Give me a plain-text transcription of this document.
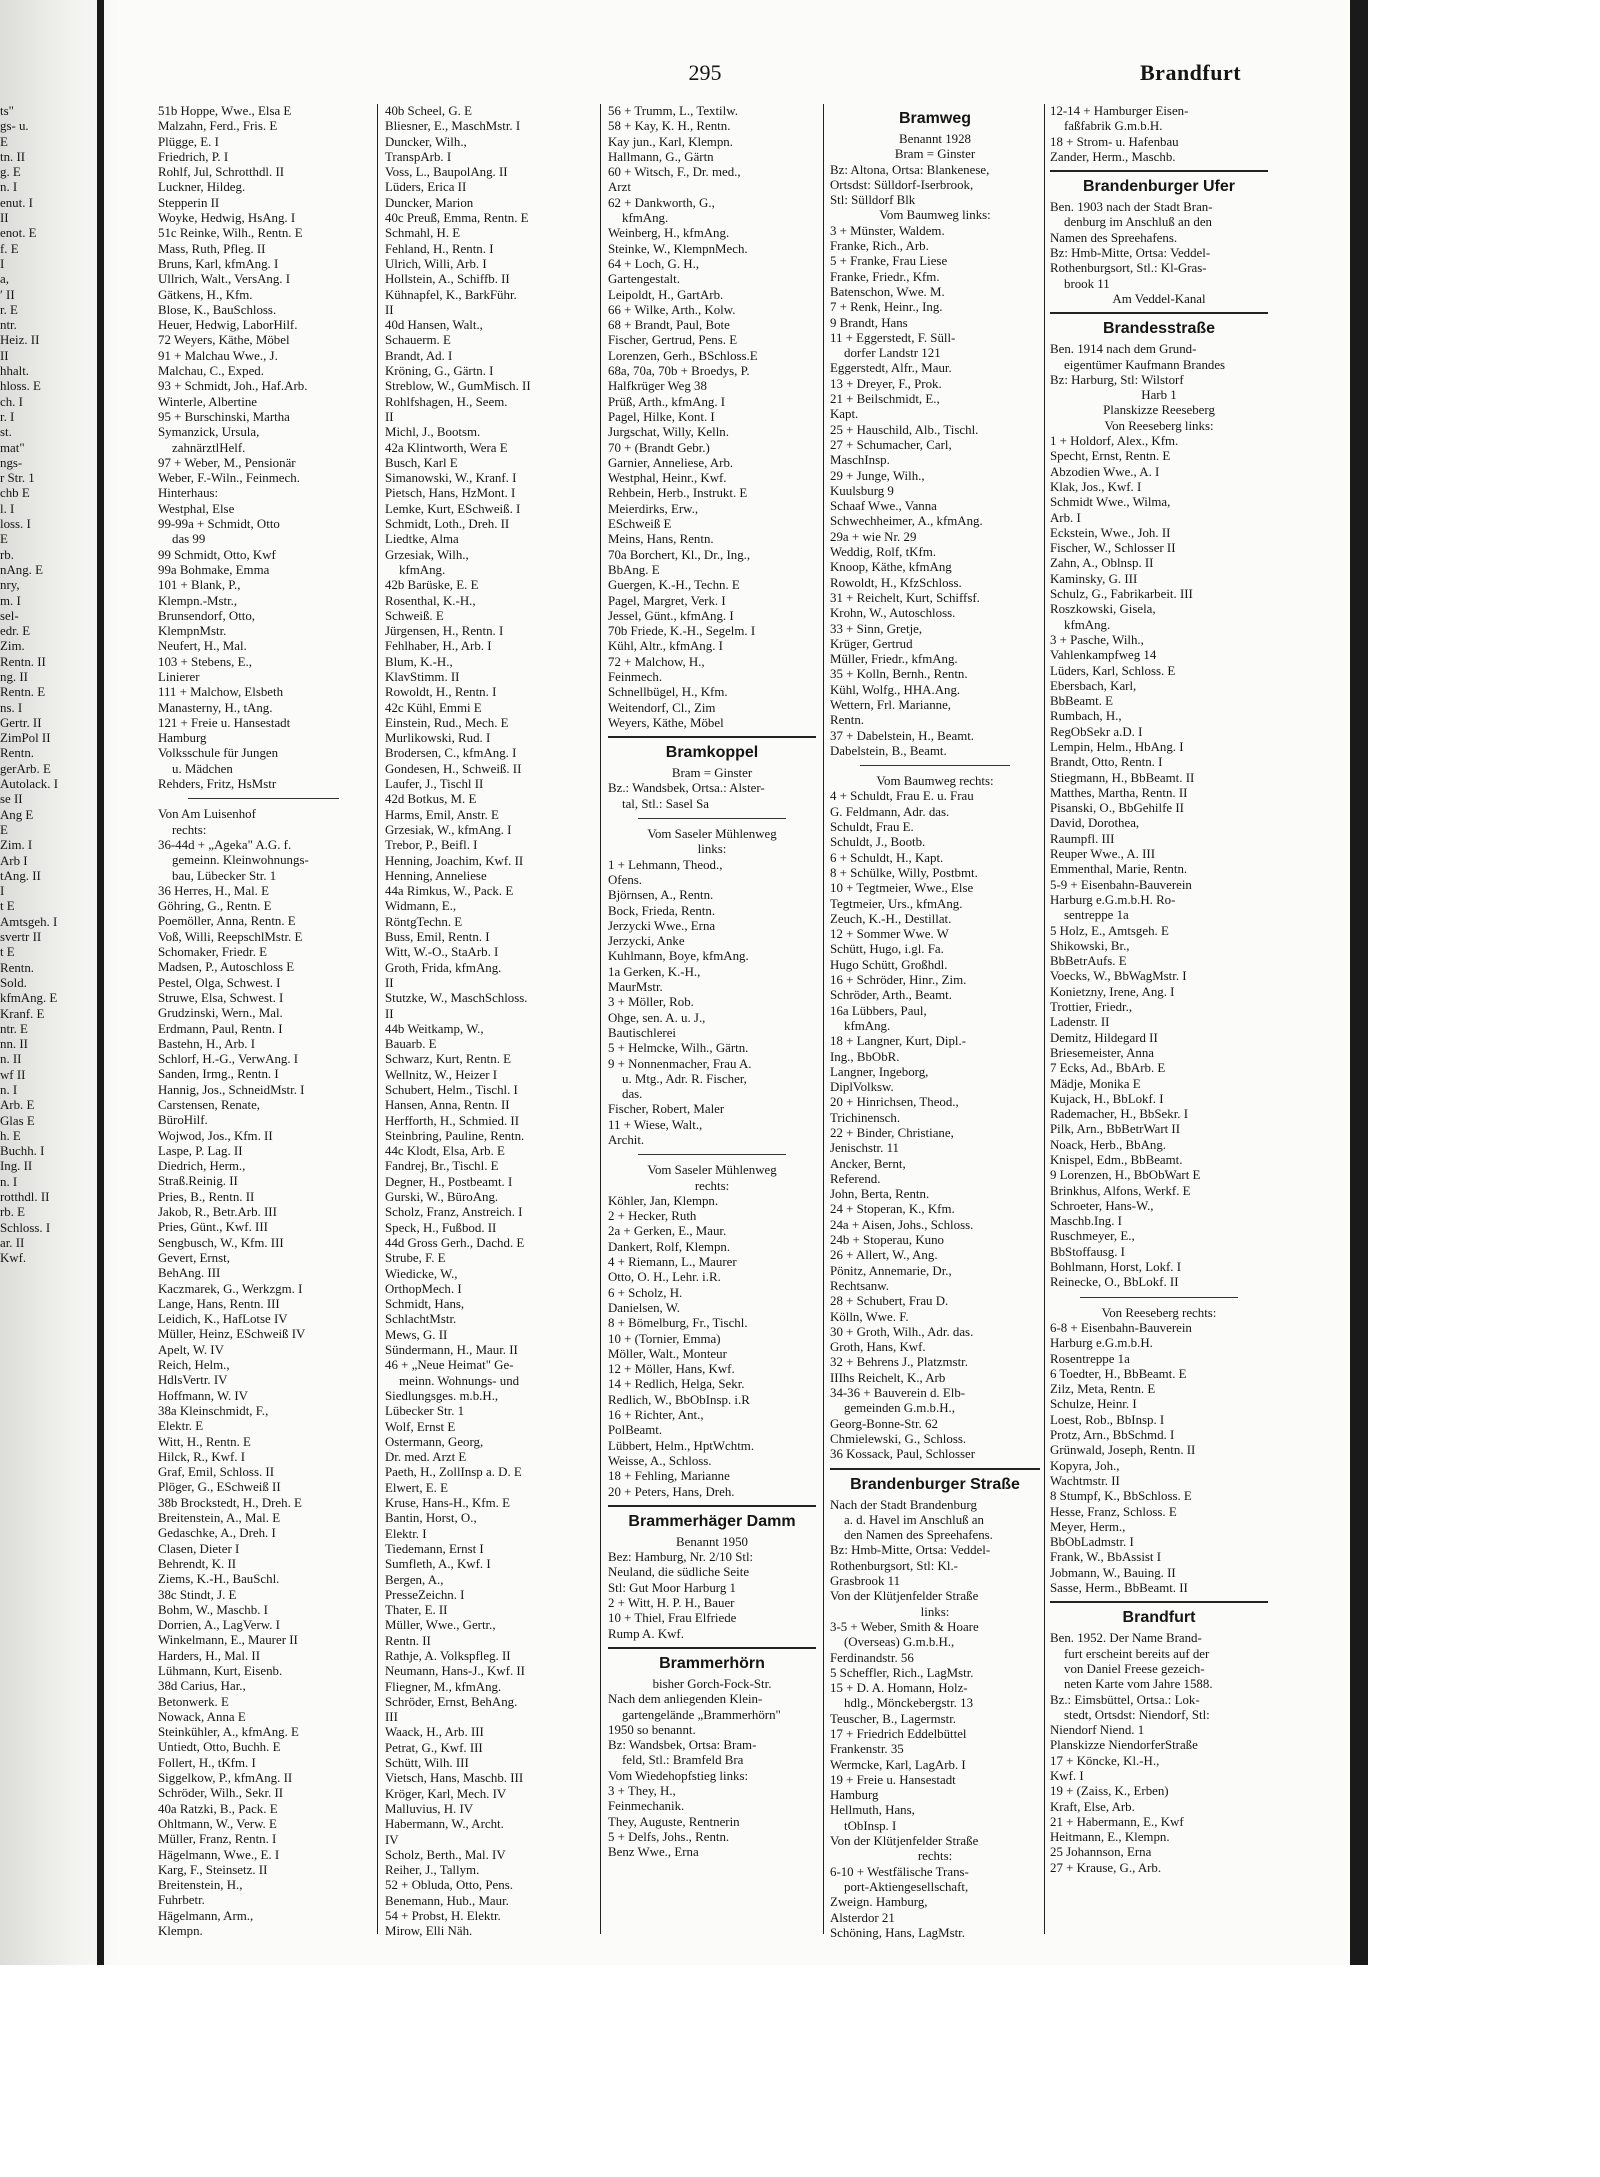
295	Brandfurt
ts"
gs- u.
E
tn. II
g. E
n. I
enut. I
II
enot. E
f. E
I
a,
ʹ II
r. E
ntr.
Heiz. II
II
hhalt.
hloss. E
ch. I
r. I
st.
mat"
ngs-
r Str. 1
chb E
l. I
loss. I
E
rb.
nAng. E
nry,
m. I
sel-
edr. E
Zim.
Rentn. II
ng. II
Rentn. E
ns. I
Gertr. II
ZimPol II
Rentn.
gerArb. E
Autolack. I
se II
Ang E
E
Zim. I
Arb I
tAng. II
I
t E
Amtsgeh. I
svertr II
t E
Rentn.
Sold.
kfmAng. E
Kranf. E
ntr. E
nn. II
n. II
wf II
n. I
Arb. E
Glas E
h. E
Buchh. I
Ing. II
n. I
rotthdl. II
rb. E
Schloss. I
ar. II
Kwf.
51b Hoppe, Wwe., Elsa E
Malzahn, Ferd., Fris. E
Plügge, E. I
Friedrich, P. I
Rohlf, Jul, Schrotthdl. II
Luckner, Hildeg.
Stepperin II
Woyke, Hedwig, HsAng. I
51c Reinke, Wilh., Rentn. E
Mass, Ruth, Pfleg. II
Bruns, Karl, kfmAng. I
Ullrich, Walt., VersAng. I
Gätkens, H., Kfm.
Blose, K., BauSchloss.
Heuer, Hedwig, LaborHilf.
72 Weyers, Käthe, Möbel
91 + Malchau Wwe., J.
Malchau, C., Exped.
93 + Schmidt, Joh., Haf.Arb.
Winterle, Albertine
95 + Burschinski, Martha
Symanzick, Ursula,
zahnärztlHelf.
97 + Weber, M., Pensionär
Weber, F.-Wiln., Feinmech.
Hinterhaus:
Westphal, Else
99-99a + Schmidt, Otto
das 99
99 Schmidt, Otto, Kwf
99a Bohmake, Emma
101 + Blank, P.,
Klempn.-Mstr.,
Brunsendorf, Otto,
KlempnMstr.
Neufert, H., Mal.
103 + Stebens, E.,
Linierer
111 + Malchow, Elsbeth
Manasterny, H., tAng.
121 + Freie u. Hansestadt
Hamburg
Volksschule für Jungen
u. Mädchen
Rehders, Fritz, HsMstr
Von Am Luisenhof
rechts:
36-44d + „Ageka" A.G. f.
gemeinn. Kleinwohnungs-
bau, Lübecker Str. 1
36 Herres, H., Mal. E
Göhring, G., Rentn. E
Poemöller, Anna, Rentn. E
Voß, Willi, ReepschlMstr. E
Schomaker, Friedr. E
Madsen, P., Autoschloss E
Pestel, Olga, Schwest. I
Struwe, Elsa, Schwest. I
Grudzinski, Wern., Mal.
Erdmann, Paul, Rentn. I
Bastehn, H., Arb. I
Schlorf, H.-G., VerwAng. I
Sanden, Irmg., Rentn. I
Hannig, Jos., SchneidMstr. I
Carstensen, Renate,
BüroHilf.
Wojwod, Jos., Kfm. II
Laspe, P. Lag. II
Diedrich, Herm.,
Straß.Reinig. II
Pries, B., Rentn. II
Jakob, R., Betr.Arb. III
Pries, Günt., Kwf. III
Sengbusch, W., Kfm. III
Gevert, Ernst,
BehAng. III
Kaczmarek, G., Werkzgm. I
Lange, Hans, Rentn. III
Leidich, K., HafLotse IV
Müller, Heinz, ESchweiß IV
Apelt, W. IV
Reich, Helm.,
HdlsVertr. IV
Hoffmann, W. IV
38a Kleinschmidt, F.,
Elektr. E
Witt, H., Rentn. E
Hilck, R., Kwf. I
Graf, Emil, Schloss. II
Plöger, G., ESchweiß II
38b Brockstedt, H., Dreh. E
Breitenstein, A., Mal. E
Gedaschke, A., Dreh. I
Clasen, Dieter I
Behrendt, K. II
Ziems, K.-H., BauSchl.
38c Stindt, J. E
Bohm, W., Maschb. I
Dorrien, A., LagVerw. I
Winkelmann, E., Maurer II
Harders, H., Mal. II
Lühmann, Kurt, Eisenb.
38d Carius, Har.,
Betonwerk. E
Nowack, Anna E
Steinkühler, A., kfmAng. E
Untiedt, Otto, Buchh. E
Follert, H., tKfm. I
Siggelkow, P., kfmAng. II
Schröder, Wilh., Sekr. II
40a Ratzki, B., Pack. E
Ohltmann, W., Verw. E
Müller, Franz, Rentn. I
Hägelmann, Wwe., E. I
Karg, F., Steinsetz. II
Breitenstein, H.,
Fuhrbetr.
Hägelmann, Arm.,
Klempn.
40b Scheel, G. E
Bliesner, E., MaschMstr. I
Duncker, Wilh.,
TranspArb. I
Voss, L., BaupolAng. II
Lüders, Erica II
Duncker, Marion
40c Preuß, Emma, Rentn. E
Schmahl, H. E
Fehland, H., Rentn. I
Ulrich, Willi, Arb. I
Hollstein, A., Schiffb. II
Kühnapfel, K., BarkFühr.
II
40d Hansen, Walt.,
Schauerm. E
Brandt, Ad. I
Kröning, G., Gärtn. I
Streblow, W., GumMisch. II
Rohlfshagen, H., Seem.
II
Michl, J., Bootsm.
42a Klintworth, Wera E
Busch, Karl E
Simanowski, W., Kranf. I
Pietsch, Hans, HzMont. I
Lemke, Kurt, ESchweiß. I
Schmidt, Loth., Dreh. II
Liedtke, Alma
Grzesiak, Wilh.,
kfmAng.
42b Barüske, E. E
Rosenthal, K.-H.,
Schweiß. E
Jürgensen, H., Rentn. I
Fehlhaber, H., Arb. I
Blum, K.-H.,
KlavStimm. II
Rowoldt, H., Rentn. I
42c Kühl, Emmi E
Einstein, Rud., Mech. E
Murlikowski, Rud. I
Brodersen, C., kfmAng. I
Gondesen, H., Schweiß. II
Laufer, J., Tischl II
42d Botkus, M. E
Harms, Emil, Anstr. E
Grzesiak, W., kfmAng. I
Trebor, P., Beifl. I
Henning, Joachim, Kwf. II
Henning, Anneliese
44a Rimkus, W., Pack. E
Widmann, E.,
RöntgTechn. E
Buss, Emil, Rentn. I
Witt, W.-O., StaArb. I
Groth, Frida, kfmAng.
II
Stutzke, W., MaschSchloss.
II
44b Weitkamp, W.,
Bauarb. E
Schwarz, Kurt, Rentn. E
Wellnitz, W., Heizer I
Schubert, Helm., Tischl. I
Hansen, Anna, Rentn. II
Herfforth, H., Schmied. II
Steinbring, Pauline, Rentn.
44c Klodt, Elsa, Arb. E
Fandrej, Br., Tischl. E
Degner, H., Postbeamt. I
Gurski, W., BüroAng.
Scholz, Franz, Anstreich. I
Speck, H., Fußbod. II
44d Gross Gerh., Dachd. E
Strube, F. E
Wiedicke, W.,
OrthopMech. I
Schmidt, Hans,
SchlachtMstr.
Mews, G. II
Sündermann, H., Maur. II
46 + „Neue Heimat" Ge-
meinn. Wohnungs- und
Siedlungsges. m.b.H.,
Lübecker Str. 1
Wolf, Ernst E
Ostermann, Georg,
Dr. med. Arzt E
Paeth, H., ZollInsp a. D. E
Elwert, E. E
Kruse, Hans-H., Kfm. E
Bantin, Horst, O.,
Elektr. I
Tiedemann, Ernst I
Sumfleth, A., Kwf. I
Bergen, A.,
PresseZeichn. I
Thater, E. II
Müller, Wwe., Gertr.,
Rentn. II
Rathje, A. Volkspfleg. II
Neumann, Hans-J., Kwf. II
Fliegner, M., kfmAng.
Schröder, Ernst, BehAng.
III
Waack, H., Arb. III
Petrat, G., Kwf. III
Schütt, Wilh. III
Vietsch, Hans, Maschb. III
Kröger, Karl, Mech. IV
Malluvius, H. IV
Habermann, W., Archt.
IV
Scholz, Berth., Mal. IV
Reiher, J., Tallym.
52 + Obluda, Otto, Pens.
Benemann, Hub., Maur.
54 + Probst, H. Elektr.
Mirow, Elli Näh.
56 + Trumm, L., Textilw.
58 + Kay, K. H., Rentn.
Kay jun., Karl, Klempn.
Hallmann, G., Gärtn
60 + Witsch, F., Dr. med.,
Arzt
62 + Dankworth, G.,
kfmAng.
Weinberg, H., kfmAng.
Steinke, W., KlempnMech.
64 + Loch, G. H.,
Gartengestalt.
Leipoldt, H., GartArb.
66 + Wilke, Arth., Kolw.
68 + Brandt, Paul, Bote
Fischer, Gertrud, Pens. E
Lorenzen, Gerh., BSchloss.E
68a, 70a, 70b + Broedys, P.
Halfkrüger Weg 38
Prüß, Arth., kfmAng. I
Pagel, Hilke, Kont. I
Jurgschat, Willy, Kelln.
70 + (Brandt Gebr.)
Garnier, Anneliese, Arb.
Westphal, Heinr., Kwf.
Rehbein, Herb., Instrukt. E
Meierdirks, Erw.,
ESchweiß E
Meins, Hans, Rentn.
70a Borchert, Kl., Dr., Ing.,
BbAng. E
Guergen, K.-H., Techn. E
Pagel, Margret, Verk. I
Jessel, Günt., kfmAng. I
70b Friede, K.-H., Segelm. I
Kühl, Altr., kfmAng. I
72 + Malchow, H.,
Feinmech.
Schnellbügel, H., Kfm.
Weitendorf, Cl., Zim
Weyers, Käthe, Möbel
Bramkoppel
Bram = Ginster
Bz.: Wandsbek, Ortsa.: Alster-
tal, Stl.: Sasel Sa
Vom Saseler Mühlenweg
links:
1 + Lehmann, Theod.,
Ofens.
Björnsen, A., Rentn.
Bock, Frieda, Rentn.
Jerzycki Wwe., Erna
Jerzycki, Anke
Kuhlmann, Boye, kfmAng.
1a Gerken, K.-H.,
MaurMstr.
3 + Möller, Rob.
Ohge, sen. A. u. J.,
Bautischlerei
5 + Helmcke, Wilh., Gärtn.
9 + Nonnenmacher, Frau A.
u. Mtg., Adr. R. Fischer,
das.
Fischer, Robert, Maler
11 + Wiese, Walt.,
Archit.
Vom Saseler Mühlenweg
rechts:
Köhler, Jan, Klempn.
2 + Hecker, Ruth
2a + Gerken, E., Maur.
Dankert, Rolf, Klempn.
4 + Riemann, L., Maurer
Otto, O. H., Lehr. i.R.
6 + Scholz, H.
Danielsen, W.
8 + Bömelburg, Fr., Tischl.
10 + (Tornier, Emma)
Möller, Walt., Monteur
12 + Möller, Hans, Kwf.
14 + Redlich, Helga, Sekr.
Redlich, W., BbObInsp. i.R
16 + Richter, Ant.,
PolBeamt.
Lübbert, Helm., HptWchtm.
Weisse, A., Schloss.
18 + Fehling, Marianne
20 + Peters, Hans, Dreh.
Brammerhäger Damm
Benannt 1950
Bez: Hamburg, Nr. 2/10 Stl:
Neuland, die südliche Seite
Stl: Gut Moor Harburg 1
2 + Witt, H. P. H., Bauer
10 + Thiel, Frau Elfriede
Rump A. Kwf.
Brammerhörn
bisher Gorch-Fock-Str.
Nach dem anliegenden Klein-
gartengelände „Brammerhörn"
1950 so benannt.
Bz: Wandsbek, Ortsa: Bram-
feld, Stl.: Bramfeld Bra
Vom Wiedehopfstieg links:
3 + They, H.,
Feinmechanik.
They, Auguste, Rentnerin
5 + Delfs, Johs., Rentn.
Benz Wwe., Erna
Bramweg
Benannt 1928
Bram = Ginster
Bz: Altona, Ortsa: Blankenese,
Ortsdst: Sülldorf-Iserbrook,
Stl: Sülldorf Blk
Vom Baumweg links:
3 + Münster, Waldem.
Franke, Rich., Arb.
5 + Franke, Frau Liese
Franke, Friedr., Kfm.
Batenschon, Wwe. M.
7 + Renk, Heinr., Ing.
9 Brandt, Hans
11 + Eggerstedt, F. Süll-
dorfer Landstr 121
Eggerstedt, Alfr., Maur.
13 + Dreyer, F., Prok.
21 + Beilschmidt, E.,
Kapt.
25 + Hauschild, Alb., Tischl.
27 + Schumacher, Carl,
MaschInsp.
29 + Junge, Wilh.,
Kuulsburg 9
Schaaf Wwe., Vanna
Schwechheimer, A., kfmAng.
29a + wie Nr. 29
Weddig, Rolf, tKfm.
Knoop, Käthe, kfmAng
Rowoldt, H., KfzSchloss.
31 + Reichelt, Kurt, Schiffsf.
Krohn, W., Autoschloss.
33 + Sinn, Gretje,
Krüger, Gertrud
Müller, Friedr., kfmAng.
35 + Kolln, Bernh., Rentn.
Kühl, Wolfg., HHA.Ang.
Wettern, Frl. Marianne,
Rentn.
37 + Dabelstein, H., Beamt.
Dabelstein, B., Beamt.
Vom Baumweg rechts:
4 + Schuldt, Frau E. u. Frau
G. Feldmann, Adr. das.
Schuldt, Frau E.
Schuldt, J., Bootb.
6 + Schuldt, H., Kapt.
8 + Schülke, Willy, Postbmt.
10 + Tegtmeier, Wwe., Else
Tegtmeier, Urs., kfmAng.
Zeuch, K.-H., Destillat.
12 + Sommer Wwe. W
Schütt, Hugo, i.gl. Fa.
Hugo Schütt, Großhdl.
16 + Schröder, Hinr., Zim.
Schröder, Arth., Beamt.
16a Lübbers, Paul,
kfmAng.
18 + Langner, Kurt, Dipl.-
Ing., BbObR.
Langner, Ingeborg,
DiplVolksw.
20 + Hinrichsen, Theod.,
Trichinensch.
22 + Binder, Christiane,
Jenischstr. 11
Ancker, Bernt,
Referend.
John, Berta, Rentn.
24 + Stoperan, K., Kfm.
24a + Aisen, Johs., Schloss.
24b + Stoperau, Kuno
26 + Allert, W., Ang.
Pönitz, Annemarie, Dr.,
Rechtsanw.
28 + Schubert, Frau D.
Kölln, Wwe. F.
30 + Groth, Wilh., Adr. das.
Groth, Hans, Kwf.
32 + Behrens J., Platzmstr.
IIIhs Reichelt, K., Arb
34-36 + Bauverein d. Elb-
gemeinden G.m.b.H.,
Georg-Bonne-Str. 62
Chmielewski, G., Schloss.
36 Kossack, Paul, Schlosser
Brandenburger Straße
Nach der Stadt Brandenburg
a. d. Havel im Anschluß an
den Namen des Spreehafens.
Bz: Hmb-Mitte, Ortsa: Veddel-
Rothenburgsort, Stl: Kl.-
Grasbrook 11
Von der Klütjenfelder Straße
links:
3-5 + Weber, Smith & Hoare
(Overseas) G.m.b.H.,
Ferdinandstr. 56
5 Scheffler, Rich., LagMstr.
15 + D. A. Homann, Holz-
hdlg., Mönckebergstr. 13
Teuscher, B., Lagermstr.
17 + Friedrich Eddelbüttel
Frankenstr. 35
Wermcke, Karl, LagArb. I
19 + Freie u. Hansestadt
Hamburg
Hellmuth, Hans,
tObInsp. I
Von der Klütjenfelder Straße
rechts:
6-10 + Westfälische Trans-
port-Aktiengesellschaft,
Zweign. Hamburg,
Alsterdor 21
Schöning, Hans, LagMstr.
12-14 + Hamburger Eisen-
faßfabrik G.m.b.H.
18 + Strom- u. Hafenbau
Zander, Herm., Maschb.
Brandenburger Ufer
Ben. 1903 nach der Stadt Bran-
denburg im Anschluß an den
Namen des Spreehafens.
Bz: Hmb-Mitte, Ortsa: Veddel-
Rothenburgsort, Stl.: Kl-Gras-
brook 11
Am Veddel-Kanal
Brandesstraße
Ben. 1914 nach dem Grund-
eigentümer Kaufmann Brandes
Bz: Harburg, Stl: Wilstorf
Harb 1
Planskizze Reeseberg
Von Reeseberg links:
1 + Holdorf, Alex., Kfm.
Specht, Ernst, Rentn. E
Abzodien Wwe., A. I
Klak, Jos., Kwf. I
Schmidt Wwe., Wilma,
Arb. I
Eckstein, Wwe., Joh. II
Fischer, W., Schlosser II
Zahn, A., Oblnsp. II
Kaminsky, G. III
Schulz, G., Fabrikarbeit. III
Roszkowski, Gisela,
kfmAng.
3 + Pasche, Wilh.,
Vahlenkampfweg 14
Lüders, Karl, Schloss. E
Ebersbach, Karl,
BbBeamt. E
Rumbach, H.,
RegObSekr a.D. I
Lempin, Helm., HbAng. I
Brandt, Otto, Rentn. I
Stiegmann, H., BbBeamt. II
Matthes, Martha, Rentn. II
Pisanski, O., BbGehilfe II
David, Dorothea,
Raumpfl. III
Reuper Wwe., A. III
Emmenthal, Marie, Rentn.
5-9 + Eisenbahn-Bauverein
Harburg e.G.m.b.H. Ro-
sentreppe 1a
5 Holz, E., Amtsgeh. E
Shikowski, Br.,
BbBetrAufs. E
Voecks, W., BbWagMstr. I
Konietzny, Irene, Ang. I
Trottier, Friedr.,
Ladenstr. II
Demitz, Hildegard II
Briesemeister, Anna
7 Ecks, Ad., BbArb. E
Mädje, Monika E
Kujack, H., BbLokf. I
Rademacher, H., BbSekr. I
Pilk, Arn., BbBetrWart II
Noack, Herb., BbAng.
Knispel, Edm., BbBeamt.
9 Lorenzen, H., BbObWart E
Brinkhus, Alfons, Werkf. E
Schroeter, Hans-W.,
Maschb.Ing. I
Ruschmeyer, E.,
BbStoffausg. I
Bohlmann, Horst, Lokf. I
Reinecke, O., BbLokf. II
Von Reeseberg rechts:
6-8 + Eisenbahn-Bauverein
Harburg e.G.m.b.H.
Rosentreppe 1a
6 Toedter, H., BbBeamt. E
Zilz, Meta, Rentn. E
Schulze, Heinr. I
Loest, Rob., BbInsp. I
Protz, Arn., BbSchmd. I
Grünwald, Joseph, Rentn. II
Kopyra, Joh.,
Wachtmstr. II
8 Stumpf, K., BbSchloss. E
Hesse, Franz, Schloss. E
Meyer, Herm.,
BbObLadmstr. I
Frank, W., BbAssist I
Jobmann, W., Bauing. II
Sasse, Herm., BbBeamt. II
Brandfurt
Ben. 1952. Der Name Brand-
furt erscheint bereits auf der
von Daniel Freese gezeich-
neten Karte vom Jahre 1588.
Bz.: Eimsbüttel, Ortsa.: Lok-
stedt, Ortsdst: Niendorf, Stl:
Niendorf Niend. 1
Planskizze NiendorferStraße
17 + Köncke, Kl.-H.,
Kwf. I
19 + (Zaiss, K., Erben)
Kraft, Else, Arb.
21 + Habermann, E., Kwf
Heitmann, E., Klempn.
25 Johannson, Erna
27 + Krause, G., Arb.
